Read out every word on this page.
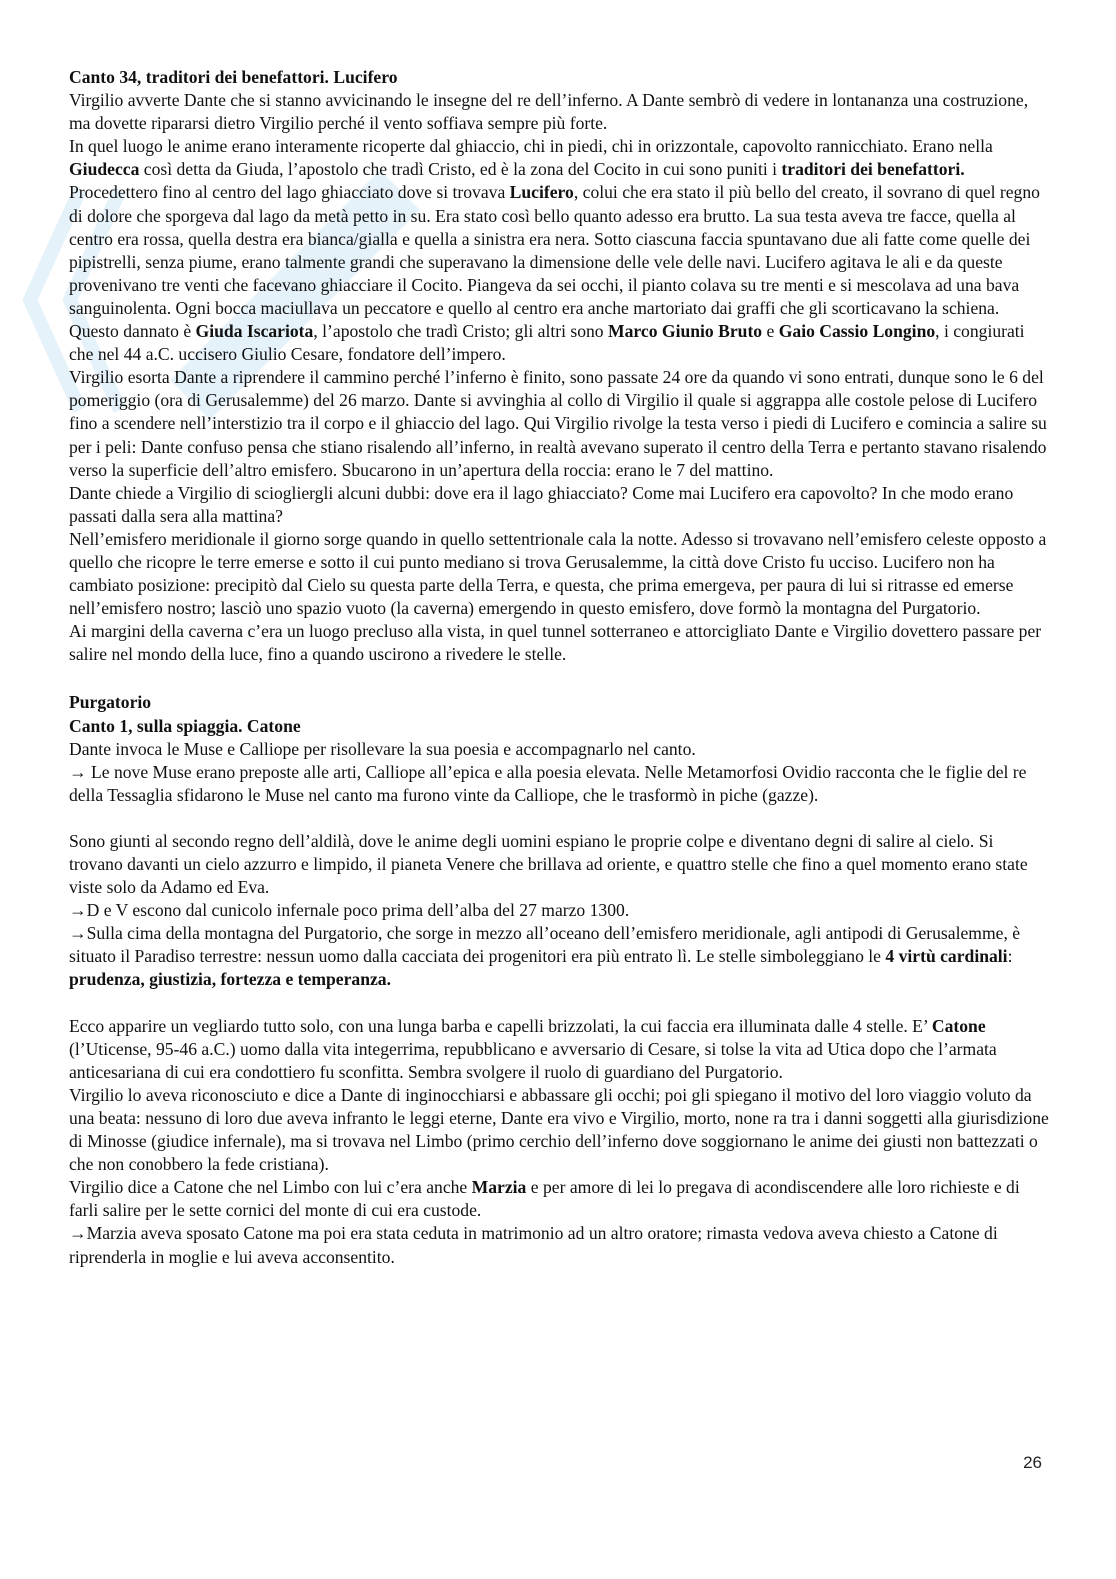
Canto 34, traditori dei benefattori. Lucifero

Virgilio avverte Dante che si stanno avvicinando le insegne del re dell’inferno. A Dante sembrò di vedere in lontananza una costruzione, ma dovette ripararsi dietro Virgilio perché il vento soffiava sempre più forte.

In quel luogo le anime erano interamente ricoperte dal ghiaccio, chi in piedi, chi in orizzontale, capovolto rannicchiato. Erano nella Giudecca così detta da Giuda, l’apostolo che tradì Cristo, ed è la zona del Cocito in cui sono puniti i traditori dei benefattori. Procedettero fino al centro del lago ghiacciato dove si trovava Lucifero, colui che era stato il più bello del creato, il sovrano di quel regno di dolore che sporgeva dal lago da metà petto in su. Era stato così bello quanto adesso era brutto. La sua testa aveva tre facce, quella al centro era rossa, quella destra era bianca/gialla e quella a sinistra era nera. Sotto ciascuna faccia spuntavano due ali fatte come quelle dei pipistrelli, senza piume, erano talmente grandi che superavano la dimensione delle vele delle navi. Lucifero agitava le ali e da queste provenivano tre venti che facevano ghiacciare il Cocito. Piangeva da sei occhi, il pianto colava su tre menti e si mescolava ad una bava sanguinolenta. Ogni bocca maciullava un peccatore e quello al centro era anche martoriato dai graffi che gli scorticavano la schiena. Questo dannato è Giuda Iscariota, l’apostolo che tradì Cristo; gli altri sono Marco Giunio Bruto e Gaio Cassio Longino, i congiurati che nel 44 a.C. uccisero Giulio Cesare, fondatore dell’impero.

Virgilio esorta Dante a riprendere il cammino perché l’inferno è finito, sono passate 24 ore da quando vi sono entrati, dunque sono le 6 del pomeriggio (ora di Gerusalemme) del 26 marzo. Dante si avvinghia al collo di Virgilio il quale si aggrappa alle costole pelose di Lucifero fino a scendere nell’interstizio tra il corpo e il ghiaccio del lago. Qui Virgilio rivolge la testa verso i piedi di Lucifero e comincia a salire su per i peli: Dante confuso pensa che stiano risalendo all’inferno, in realtà avevano superato il centro della Terra e pertanto stavano risalendo verso la superficie dell’altro emisfero. Sbucarono in un’apertura della roccia: erano le 7 del mattino.

Dante chiede a Virgilio di sciogliergli alcuni dubbi: dove era il lago ghiacciato? Come mai Lucifero era capovolto? In che modo erano passati dalla sera alla mattina?

Nell’emisfero meridionale il giorno sorge quando in quello settentrionale cala la notte. Adesso si trovavano nell’emisfero celeste opposto a quello che ricopre le terre emerse e sotto il cui punto mediano si trova Gerusalemme, la città dove Cristo fu ucciso. Lucifero non ha cambiato posizione: precipitò dal Cielo su questa parte della Terra, e questa, che prima emergeva, per paura di lui si ritrasse ed emerse nell’emisfero nostro; lasciò uno spazio vuoto (la caverna) emergendo in questo emisfero, dove formò la montagna del Purgatorio.

Ai margini della caverna c’era un luogo precluso alla vista, in quel tunnel sotterraneo e attorcigliato Dante e Virgilio dovettero passare per salire nel mondo della luce, fino a quando uscirono a rivedere le stelle.

Purgatorio

Canto 1, sulla spiaggia. Catone

Dante invoca le Muse e Calliope per risollevare la sua poesia e accompagnarlo nel canto.

→ Le nove Muse erano preposte alle arti, Calliope all’epica e alla poesia elevata. Nelle Metamorfosi Ovidio racconta che le figlie del re della Tessaglia sfidarono le Muse nel canto ma furono vinte da Calliope, che le trasformò in piche (gazze).

Sono giunti al secondo regno dell’aldilà, dove le anime degli uomini espiano le proprie colpe e diventano degni di salire al cielo. Si trovano davanti un cielo azzurro e limpido, il pianeta Venere che brillava ad oriente, e quattro stelle che fino a quel momento erano state viste solo da Adamo ed Eva.

→D e V escono dal cunicolo infernale poco prima dell’alba del 27 marzo 1300.

→Sulla cima della montagna del Purgatorio, che sorge in mezzo all’oceano dell’emisfero meridionale, agli antipodi di Gerusalemme, è situato il Paradiso terrestre: nessun uomo dalla cacciata dei progenitori era più entrato lì. Le stelle simboleggiano le 4 virtù cardinali: prudenza, giustizia, fortezza e temperanza.

Ecco apparire un vegliardo tutto solo, con una lunga barba e capelli brizzolati, la cui faccia era illuminata dalle 4 stelle. E’ Catone (l’Uticense, 95-46 a.C.) uomo dalla vita integerrima, repubblicano e avversario di Cesare, si tolse la vita ad Utica dopo che l’armata anticesariana di cui era condottiero fu sconfitta. Sembra svolgere il ruolo di guardiano del Purgatorio.

Virgilio lo aveva riconosciuto e dice a Dante di inginocchiarsi e abbassare gli occhi; poi gli spiegano il motivo del loro viaggio voluto da una beata: nessuno di loro due aveva infranto le leggi eterne, Dante era vivo e Virgilio, morto, none ra tra i danni soggetti alla giurisdizione di Minosse (giudice infernale), ma si trovava nel Limbo (primo cerchio dell’inferno dove soggiornano le anime dei giusti non battezzati o che non conobbero la fede cristiana).

Virgilio dice a Catone che nel Limbo con lui c’era anche Marzia e per amore di lei lo pregava di acondiscendere alle loro richieste e di farli salire per le sette cornici del monte di cui era custode.

→Marzia aveva sposato Catone ma poi era stata ceduta in matrimonio ad un altro oratore; rimasta vedova aveva chiesto a Catone di riprenderla in moglie e lui aveva acconsentito.

26
